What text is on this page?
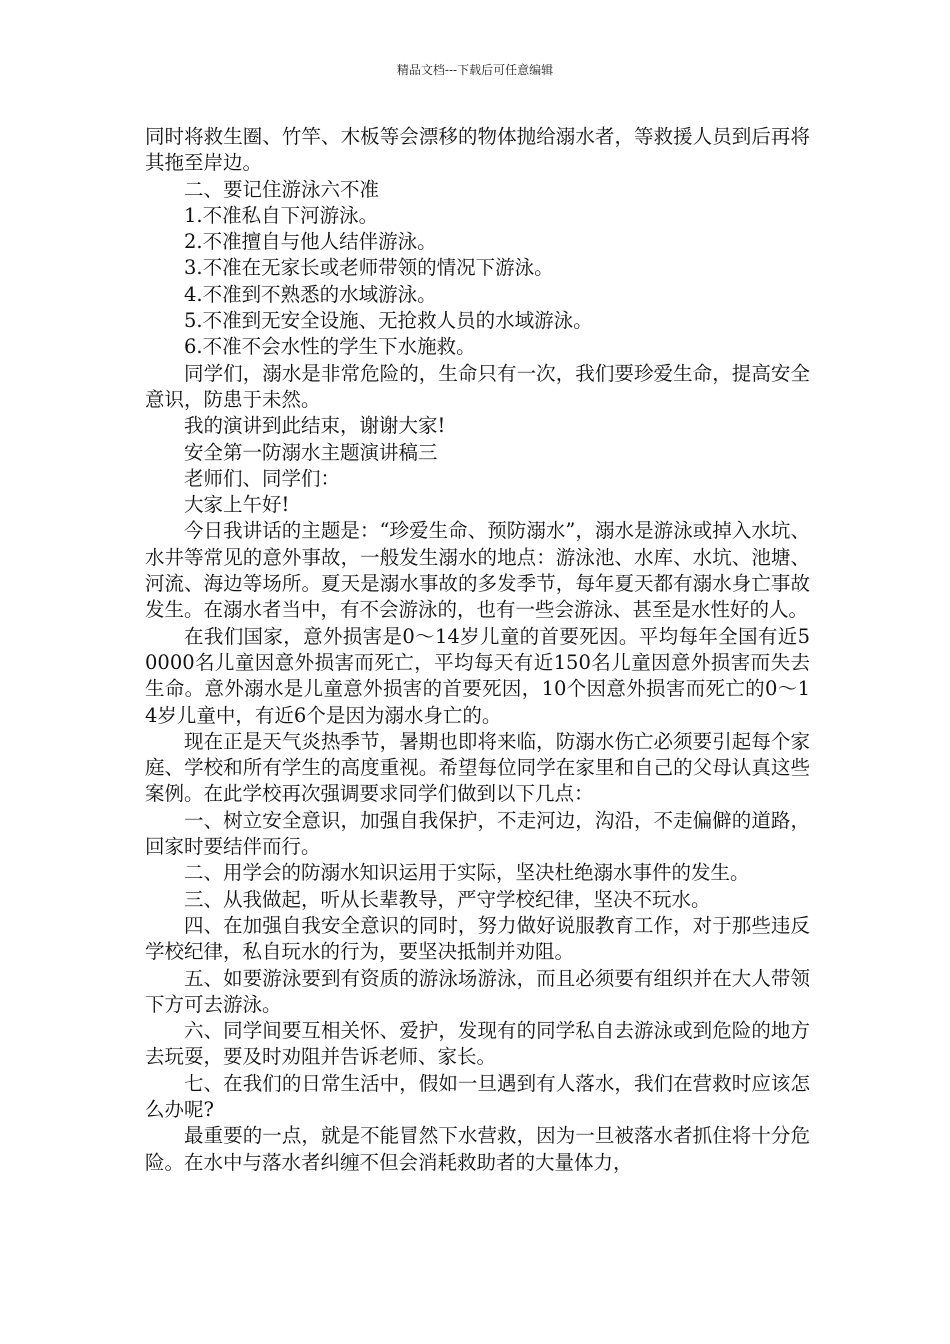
精品文档---下载后可任意编辑

同时将救生圈、竹竿、木板等会漂移的物体抛给溺水者，等救援人员到后再将其拖至岸边。

二、要记住游泳六不准

1.不准私自下河游泳。

2.不准擅自与他人结伴游泳。

3.不准在无家长或老师带领的情况下游泳。

4.不准到不熟悉的水域游泳。

5.不准到无安全设施、无抢救人员的水域游泳。

6.不准不会水性的学生下水施救。

同学们，溺水是非常危险的，生命只有一次，我们要珍爱生命，提高安全意识，防患于未然。

我的演讲到此结束，谢谢大家!

安全第一防溺水主题演讲稿三

老师们、同学们：

大家上午好!

今日我讲话的主题是：“珍爱生命、预防溺水”，溺水是游泳或掉入水坑、水井等常见的意外事故，一般发生溺水的地点：游泳池、水库、水坑、池塘、河流、海边等场所。夏天是溺水事故的多发季节，每年夏天都有溺水身亡事故发生。在溺水者当中，有不会游泳的，也有一些会游泳、甚至是水性好的人。

在我们国家，意外损害是0～14岁儿童的首要死因。平均每年全国有近50000名儿童因意外损害而死亡，平均每天有近150名儿童因意外损害而失去生命。意外溺水是儿童意外损害的首要死因，10个因意外损害而死亡的0～14岁儿童中，有近6个是因为溺水身亡的。

现在正是天气炎热季节，暑期也即将来临，防溺水伤亡必须要引起每个家庭、学校和所有学生的高度重视。希望每位同学在家里和自己的父母认真这些案例。在此学校再次强调要求同学们做到以下几点：

一、树立安全意识，加强自我保护，不走河边，沟沿，不走偏僻的道路，回家时要结伴而行。

二、用学会的防溺水知识运用于实际，坚决杜绝溺水事件的发生。

三、从我做起，听从长辈教导，严守学校纪律，坚决不玩水。

四、在加强自我安全意识的同时，努力做好说服教育工作，对于那些违反学校纪律，私自玩水的行为，要坚决抵制并劝阻。

五、如要游泳要到有资质的游泳场游泳，而且必须要有组织并在大人带领下方可去游泳。

六、同学间要互相关怀、爱护，发现有的同学私自去游泳或到危险的地方去玩耍，要及时劝阻并告诉老师、家长。

七、在我们的日常生活中，假如一旦遇到有人落水，我们在营救时应该怎么办呢?

最重要的一点，就是不能冒然下水营救，因为一旦被落水者抓住将十分危险。在水中与落水者纠缠不但会消耗救助者的大量体力，
